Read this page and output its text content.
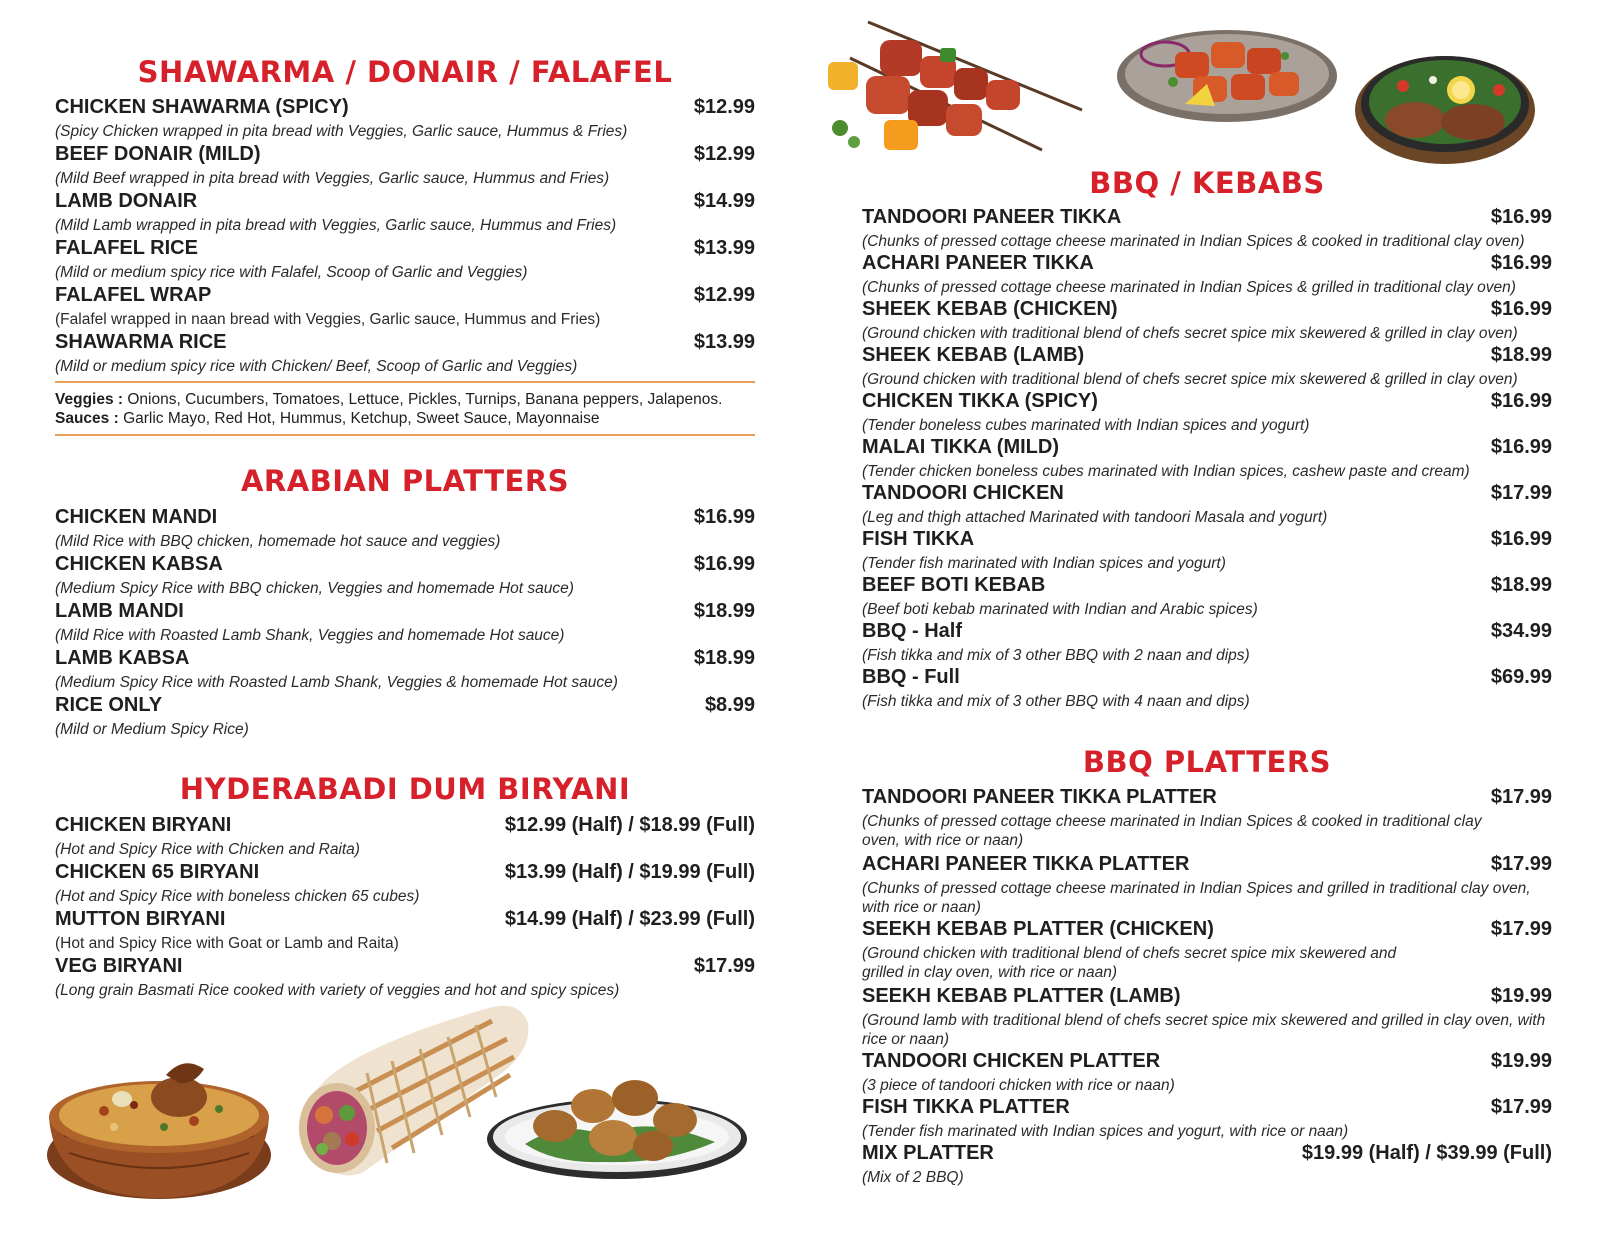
SHAWARMA / DONAIR / FALAFEL
CHICKEN SHAWARMA (SPICY)	$12.99
(Spicy Chicken wrapped in pita bread with Veggies, Garlic sauce, Hummus & Fries)
BEEF DONAIR (MILD)	$12.99
(Mild Beef wrapped in pita bread with Veggies, Garlic sauce, Hummus and Fries)
LAMB DONAIR	$14.99
(Mild Lamb wrapped in pita bread with Veggies, Garlic sauce, Hummus and Fries)
FALAFEL RICE	$13.99
(Mild or medium spicy rice with Falafel, Scoop of Garlic and Veggies)
FALAFEL WRAP	$12.99
(Falafel wrapped in naan bread with Veggies, Garlic sauce, Hummus and Fries)
SHAWARMA RICE	$13.99
(Mild or medium spicy rice with Chicken/ Beef, Scoop of Garlic and Veggies)
Veggies : Onions, Cucumbers, Tomatoes, Lettuce, Pickles, Turnips, Banana peppers, Jalapenos.
Sauces : Garlic Mayo, Red Hot, Hummus, Ketchup, Sweet Sauce, Mayonnaise
ARABIAN PLATTERS
CHICKEN MANDI	$16.99
(Mild Rice with BBQ chicken, homemade hot sauce and veggies)
CHICKEN KABSA	$16.99
(Medium Spicy Rice with BBQ chicken, Veggies and homemade Hot sauce)
LAMB MANDI	$18.99
(Mild Rice with Roasted Lamb Shank, Veggies and homemade Hot sauce)
LAMB KABSA	$18.99
(Medium Spicy Rice with Roasted Lamb Shank, Veggies & homemade Hot sauce)
RICE ONLY	$8.99
(Mild or Medium Spicy Rice)
HYDERABADI DUM BIRYANI
CHICKEN BIRYANI	$12.99 (Half) / $18.99 (Full)
(Hot and Spicy Rice with Chicken and Raita)
CHICKEN 65 BIRYANI	$13.99 (Half) / $19.99 (Full)
(Hot and Spicy Rice with boneless chicken 65 cubes)
MUTTON BIRYANI	$14.99 (Half) / $23.99 (Full)
(Hot and Spicy Rice with Goat or Lamb and Raita)
VEG BIRYANI	$17.99
(Long grain Basmati Rice cooked with variety of veggies and hot and spicy spices)
BBQ / KEBABS
TANDOORI PANEER TIKKA	$16.99
(Chunks of pressed cottage cheese marinated in Indian Spices & cooked in traditional clay oven)
ACHARI PANEER TIKKA	$16.99
(Chunks of pressed cottage cheese marinated in Indian Spices & grilled in traditional clay oven)
SHEEK KEBAB (CHICKEN)	$16.99
(Ground chicken with traditional blend of chefs secret spice mix skewered & grilled in clay oven)
SHEEK KEBAB (LAMB)	$18.99
(Ground chicken with traditional blend of chefs secret spice mix skewered & grilled in clay oven)
CHICKEN TIKKA (SPICY)	$16.99
(Tender boneless cubes marinated with Indian spices and yogurt)
MALAI TIKKA (MILD)	$16.99
(Tender chicken boneless cubes marinated with Indian spices, cashew paste and cream)
TANDOORI CHICKEN	$17.99
(Leg and thigh attached Marinated with tandoori Masala and yogurt)
FISH TIKKA	$16.99
(Tender fish marinated with Indian spices and yogurt)
BEEF BOTI KEBAB	$18.99
(Beef boti kebab marinated with Indian and Arabic spices)
BBQ - Half	$34.99
(Fish tikka and mix of 3 other BBQ with 2 naan and dips)
BBQ - Full	$69.99
(Fish tikka and mix of 3 other BBQ with 4 naan and dips)
BBQ PLATTERS
TANDOORI PANEER TIKKA PLATTER	$17.99
(Chunks of pressed cottage cheese marinated in Indian Spices & cooked in traditional clay oven, with rice or naan)
ACHARI PANEER TIKKA PLATTER	$17.99
(Chunks of pressed cottage cheese marinated in Indian Spices and grilled in traditional clay oven, with rice or naan)
SEEKH KEBAB PLATTER (CHICKEN)	$17.99
(Ground chicken with traditional blend of chefs secret spice mix skewered and grilled in clay oven, with rice or naan)
SEEKH KEBAB PLATTER (LAMB)	$19.99
(Ground lamb with traditional blend of chefs secret spice mix skewered and grilled in clay oven, with rice or naan)
TANDOORI CHICKEN PLATTER	$19.99
(3 piece of tandoori chicken with rice or naan)
FISH TIKKA PLATTER	$17.99
(Tender fish marinated with Indian spices and yogurt, with rice or naan)
MIX PLATTER	$19.99 (Half) / $39.99 (Full)
(Mix of 2 BBQ)
